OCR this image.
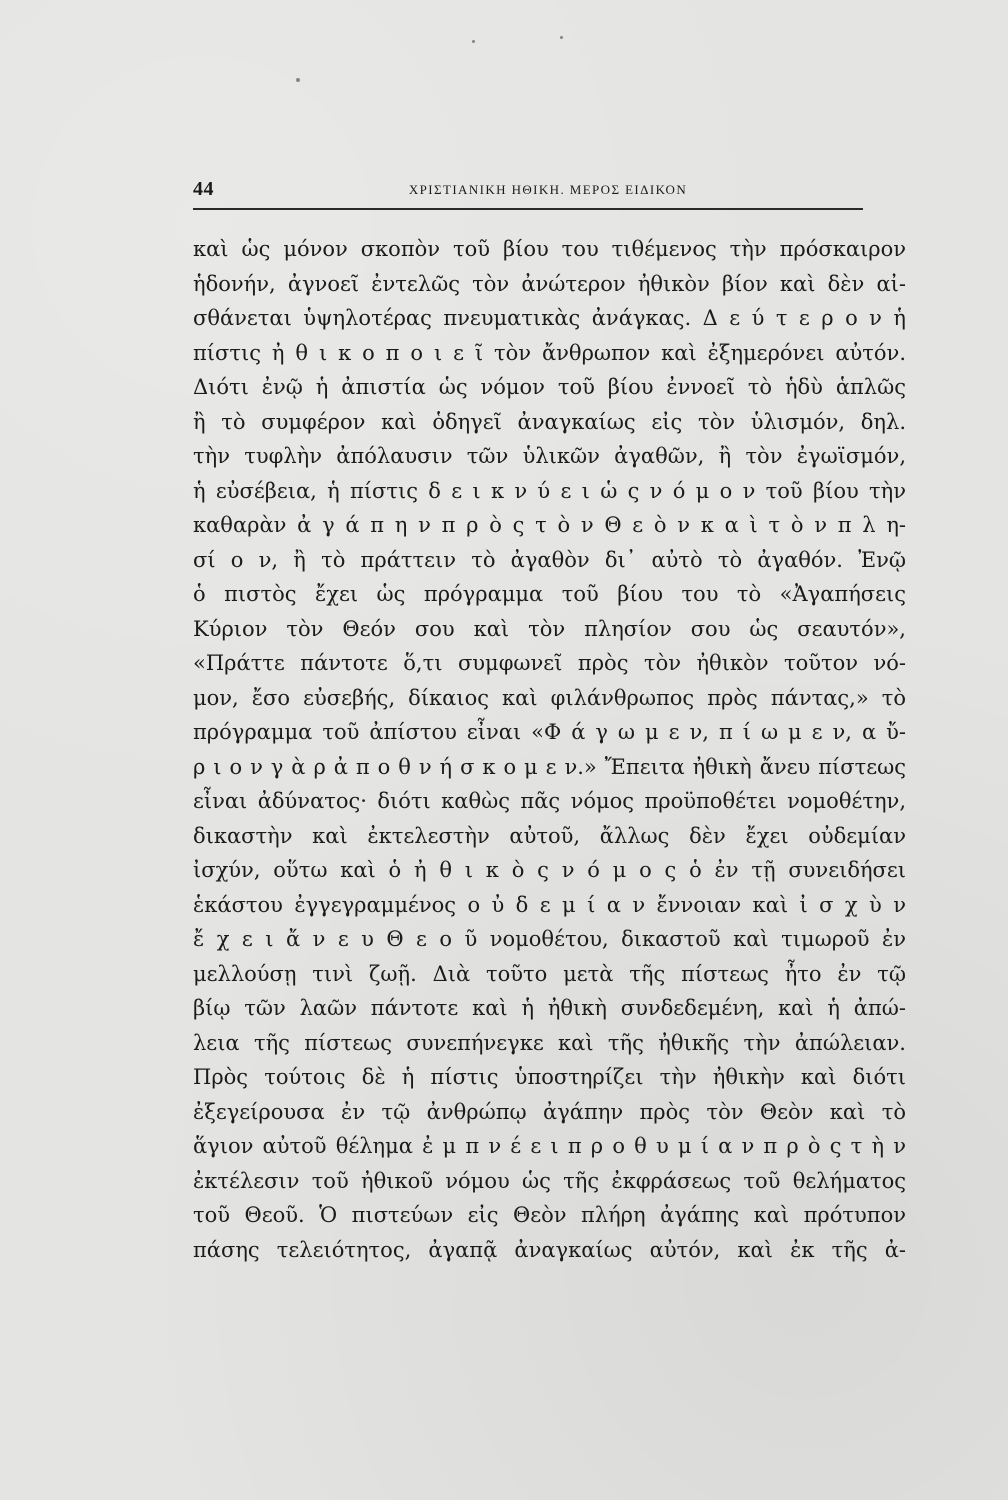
44	ΧΡΙΣΤΙΑΝΙΚΗ ΗΘΙΚΗ. ΜΕΡΟΣ ΕΙΔΙΚΟΝ
καὶ ὡς μόνον σκοπὸν τοῦ βίου του τιθέμενος τὴν πρόσκαιρον
ἡδονήν, ἀγνοεῖ ἐντελῶς τὸν ἀνώτερον ἠθικὸν βίον καὶ δὲν αἰ-
σθάνεται ὑψηλοτέρας πνευματικὰς ἀνάγκας. Δ ε ύ τ ε ρ ο ν ἡ
πίστις ἠ θ ι κ ο π ο ι ε ῖ τὸν ἄνθρωπον καὶ ἐξημερόνει αὐτόν.
Διότι ἐνῷ ἡ ἀπιστία ὡς νόμον τοῦ βίου ἐννοεῖ τὸ ἡδὺ ἁπλῶς
ἢ τὸ συμφέρον καὶ ὁδηγεῖ ἀναγκαίως εἰς τὸν ὑλισμόν, δηλ.
τὴν τυφλὴν ἀπόλαυσιν τῶν ὑλικῶν ἀγαθῶν, ἢ τὸν ἐγωϊσμόν,
ἡ εὐσέβεια, ἡ πίστις δ ε ι κ ν ύ ε ι ὡ ς ν ό μ ο ν τοῦ βίου τὴν
καθαρὰν ἀ γ ά π η ν π ρ ὸ ς τ ὸ ν Θ ε ὸ ν κ α ὶ τ ὸ ν π λ η-
σί ο ν, ἢ τὸ πράττειν τὸ ἀγαθὸν δι᾽ αὐτὸ τὸ ἀγαθόν. Ἐνῷ
ὁ πιστὸς ἔχει ὡς πρόγραμμα τοῦ βίου του τὸ «Ἀγαπήσεις
Κύριον τὸν Θεόν σου καὶ τὸν πλησίον σου ὡς σεαυτόν»,
«Πράττε πάντοτε ὅ,τι συμφωνεῖ πρὸς τὸν ἠθικὸν τοῦτον νό-
μον, ἔσο εὐσεβής, δίκαιος καὶ φιλάνθρωπος πρὸς πάντας,» τὸ
πρόγραμμα τοῦ ἀπίστου εἶναι «Φ ά γ ω μ ε ν, π ί ω μ ε ν, α ὔ-
ρ ι ο ν γ ὰ ρ ἀ π ο θ ν ή σ κ ο μ ε ν.» Ἔπειτα ἠθικὴ ἄνευ πίστεως
εἶναι ἀδύνατος· διότι καθὼς πᾶς νόμος προϋποθέτει νομοθέτην,
δικαστὴν καὶ ἐκτελεστὴν αὐτοῦ, ἄλλως δὲν ἔχει οὐδεμίαν
ἰσχύν, οὕτω καὶ ὁ ἠ θ ι κ ὸ ς ν ό μ ο ς ὁ ἐν τῇ συνειδήσει
ἑκάστου ἐγγεγραμμένος ο ὐ δ ε μ ί α ν ἔννοιαν καὶ ἰ σ χ ὺ ν
ἔ χ ε ι ἄ ν ε υ Θ ε ο ῦ νομοθέτου, δικαστοῦ καὶ τιμωροῦ ἐν
μελλούσῃ τινὶ ζωῇ. Διὰ τοῦτο μετὰ τῆς πίστεως ἦτο ἐν τῷ
βίῳ τῶν λαῶν πάντοτε καὶ ἡ ἠθικὴ συνδεδεμένη, καὶ ἡ ἀπώ-
λεια τῆς πίστεως συνεπήνεγκε καὶ τῆς ἠθικῆς τὴν ἀπώλειαν.
Πρὸς τούτοις δὲ ἡ πίστις ὑποστηρίζει τὴν ἠθικὴν καὶ διότι
ἐξεγείρουσα ἐν τῷ ἀνθρώπῳ ἀγάπην πρὸς τὸν Θεὸν καὶ τὸ
ἅγιον αὐτοῦ θέλημα ἐ μ π ν έ ε ι π ρ ο θ υ μ ί α ν π ρ ὸ ς τ ὴ ν
ἐκτέλεσιν τοῦ ἠθικοῦ νόμου ὡς τῆς ἐκφράσεως τοῦ θελήματος
τοῦ Θεοῦ. Ὁ πιστεύων εἰς Θεὸν πλήρη ἀγάπης καὶ πρότυπον
πάσης τελειότητος, ἀγαπᾷ ἀναγκαίως αὐτόν, καὶ ἐκ τῆς ἀ-
